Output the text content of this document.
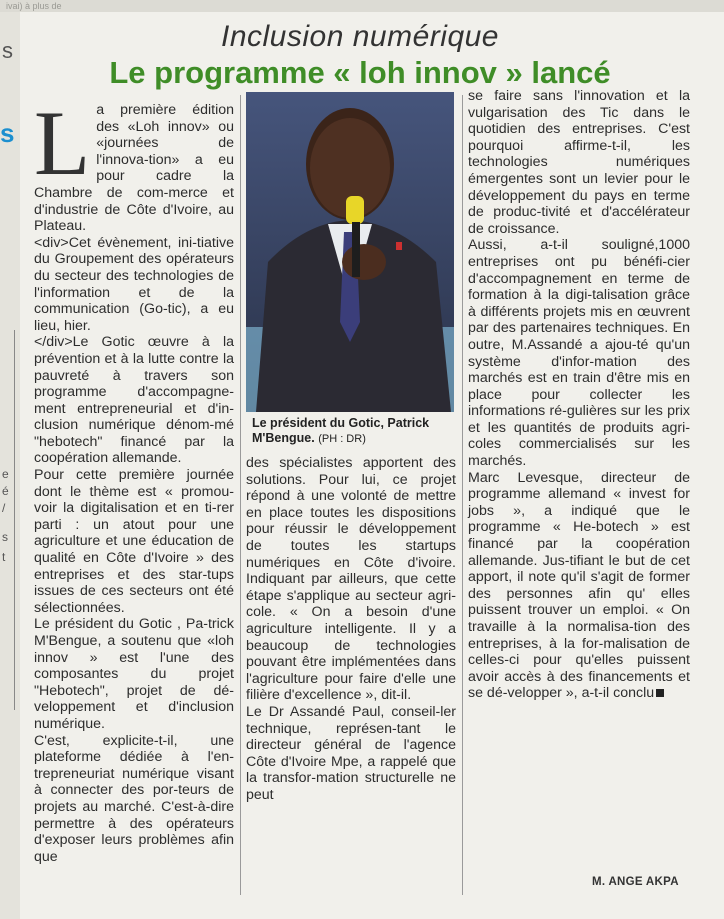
ivai) à plus de
s
s
e
é
/
s
t
Inclusion numérique
Le programme « loh innov » lancé
L a première édition des «Loh innov» ou «journées de l'innova-tion» a eu pour cadre la Chambre de com-merce et d'industrie de Côte d'Ivoire, au Plateau.

<div>Cet évènement, ini-tiative du Groupement des opérateurs du secteur des technologies de l'information et de la communication (Go-tic), a eu lieu, hier.

</div>Le Gotic œuvre à la prévention et à la lutte contre la pauvreté à travers son programme d'accompagne-ment entrepreneurial et d'in-clusion numérique dénom-mé "hebotech" financé par la coopération allemande.

Pour cette première journée dont le thème est « promou-voir la digitalisation et en ti-rer parti : un atout pour une agriculture et une éducation de qualité en Côte d'Ivoire » des entreprises et des star-tups issues de ces secteurs ont été sélectionnées.

Le président du Gotic , Pa-trick M'Bengue, a soutenu que «loh innov » est l'une des composantes du projet "Hebotech", projet de dé-veloppement et d'inclusion numérique.

C'est, explicite-t-il, une plateforme dédiée à l'en-trepreneuriat numérique visant à connecter des por-teurs de projets au marché. C'est-à-dire permettre à des opérateurs d'exposer leurs problèmes afin que

Le président du Gotic, Patrick M'Bengue. (PH : DR)

des spécialistes apportent des solutions. Pour lui, ce projet répond à une volonté de mettre en place toutes les dispositions pour réussir le développement de toutes les startups numériques en Côte d'ivoire. Indiquant par ailleurs, que cette étape s'applique au secteur agri-cole. « On a besoin d'une agriculture intelligente. Il y a beaucoup de technologies pouvant être implémentées dans l'agriculture pour faire d'elle une filière d'excellence », dit-il.

Le Dr Assandé Paul, conseil-ler technique, représen-tant le directeur général de l'agence Côte d'Ivoire Mpe, a rappelé que la transfor-mation structurelle ne peut

se faire sans l'innovation et la vulgarisation des Tic dans le quotidien des entreprises. C'est pourquoi affirme-t-il, les technologies numériques émergentes sont un levier pour le développement du pays en terme de produc-tivité et d'accélérateur de croissance.

Aussi, a-t-il souligné,1000 entreprises ont pu bénéfi-cier d'accompagnement en terme de formation à la digi-talisation grâce à différents projets mis en œuvrent par des partenaires techniques. En outre, M.Assandé a ajou-té qu'un système d'infor-mation des marchés est en train d'être mis en place pour collecter les informations ré-gulières sur les prix et les quantités de produits agri-coles commercialisés sur les marchés.

Marc Levesque, directeur de programme allemand « invest for jobs », a indiqué que le programme « He-botech » est financé par la coopération allemande. Jus-tifiant le but de cet apport, il note qu'il s'agit de former des personnes afin qu' elles puissent trouver un emploi. « On travaille à la normalisa-tion des entreprises, à la for-malisation de celles-ci pour qu'elles puissent avoir accès à des financements et se dé-velopper », a-t-il conclu

M. ANGE AKPA
